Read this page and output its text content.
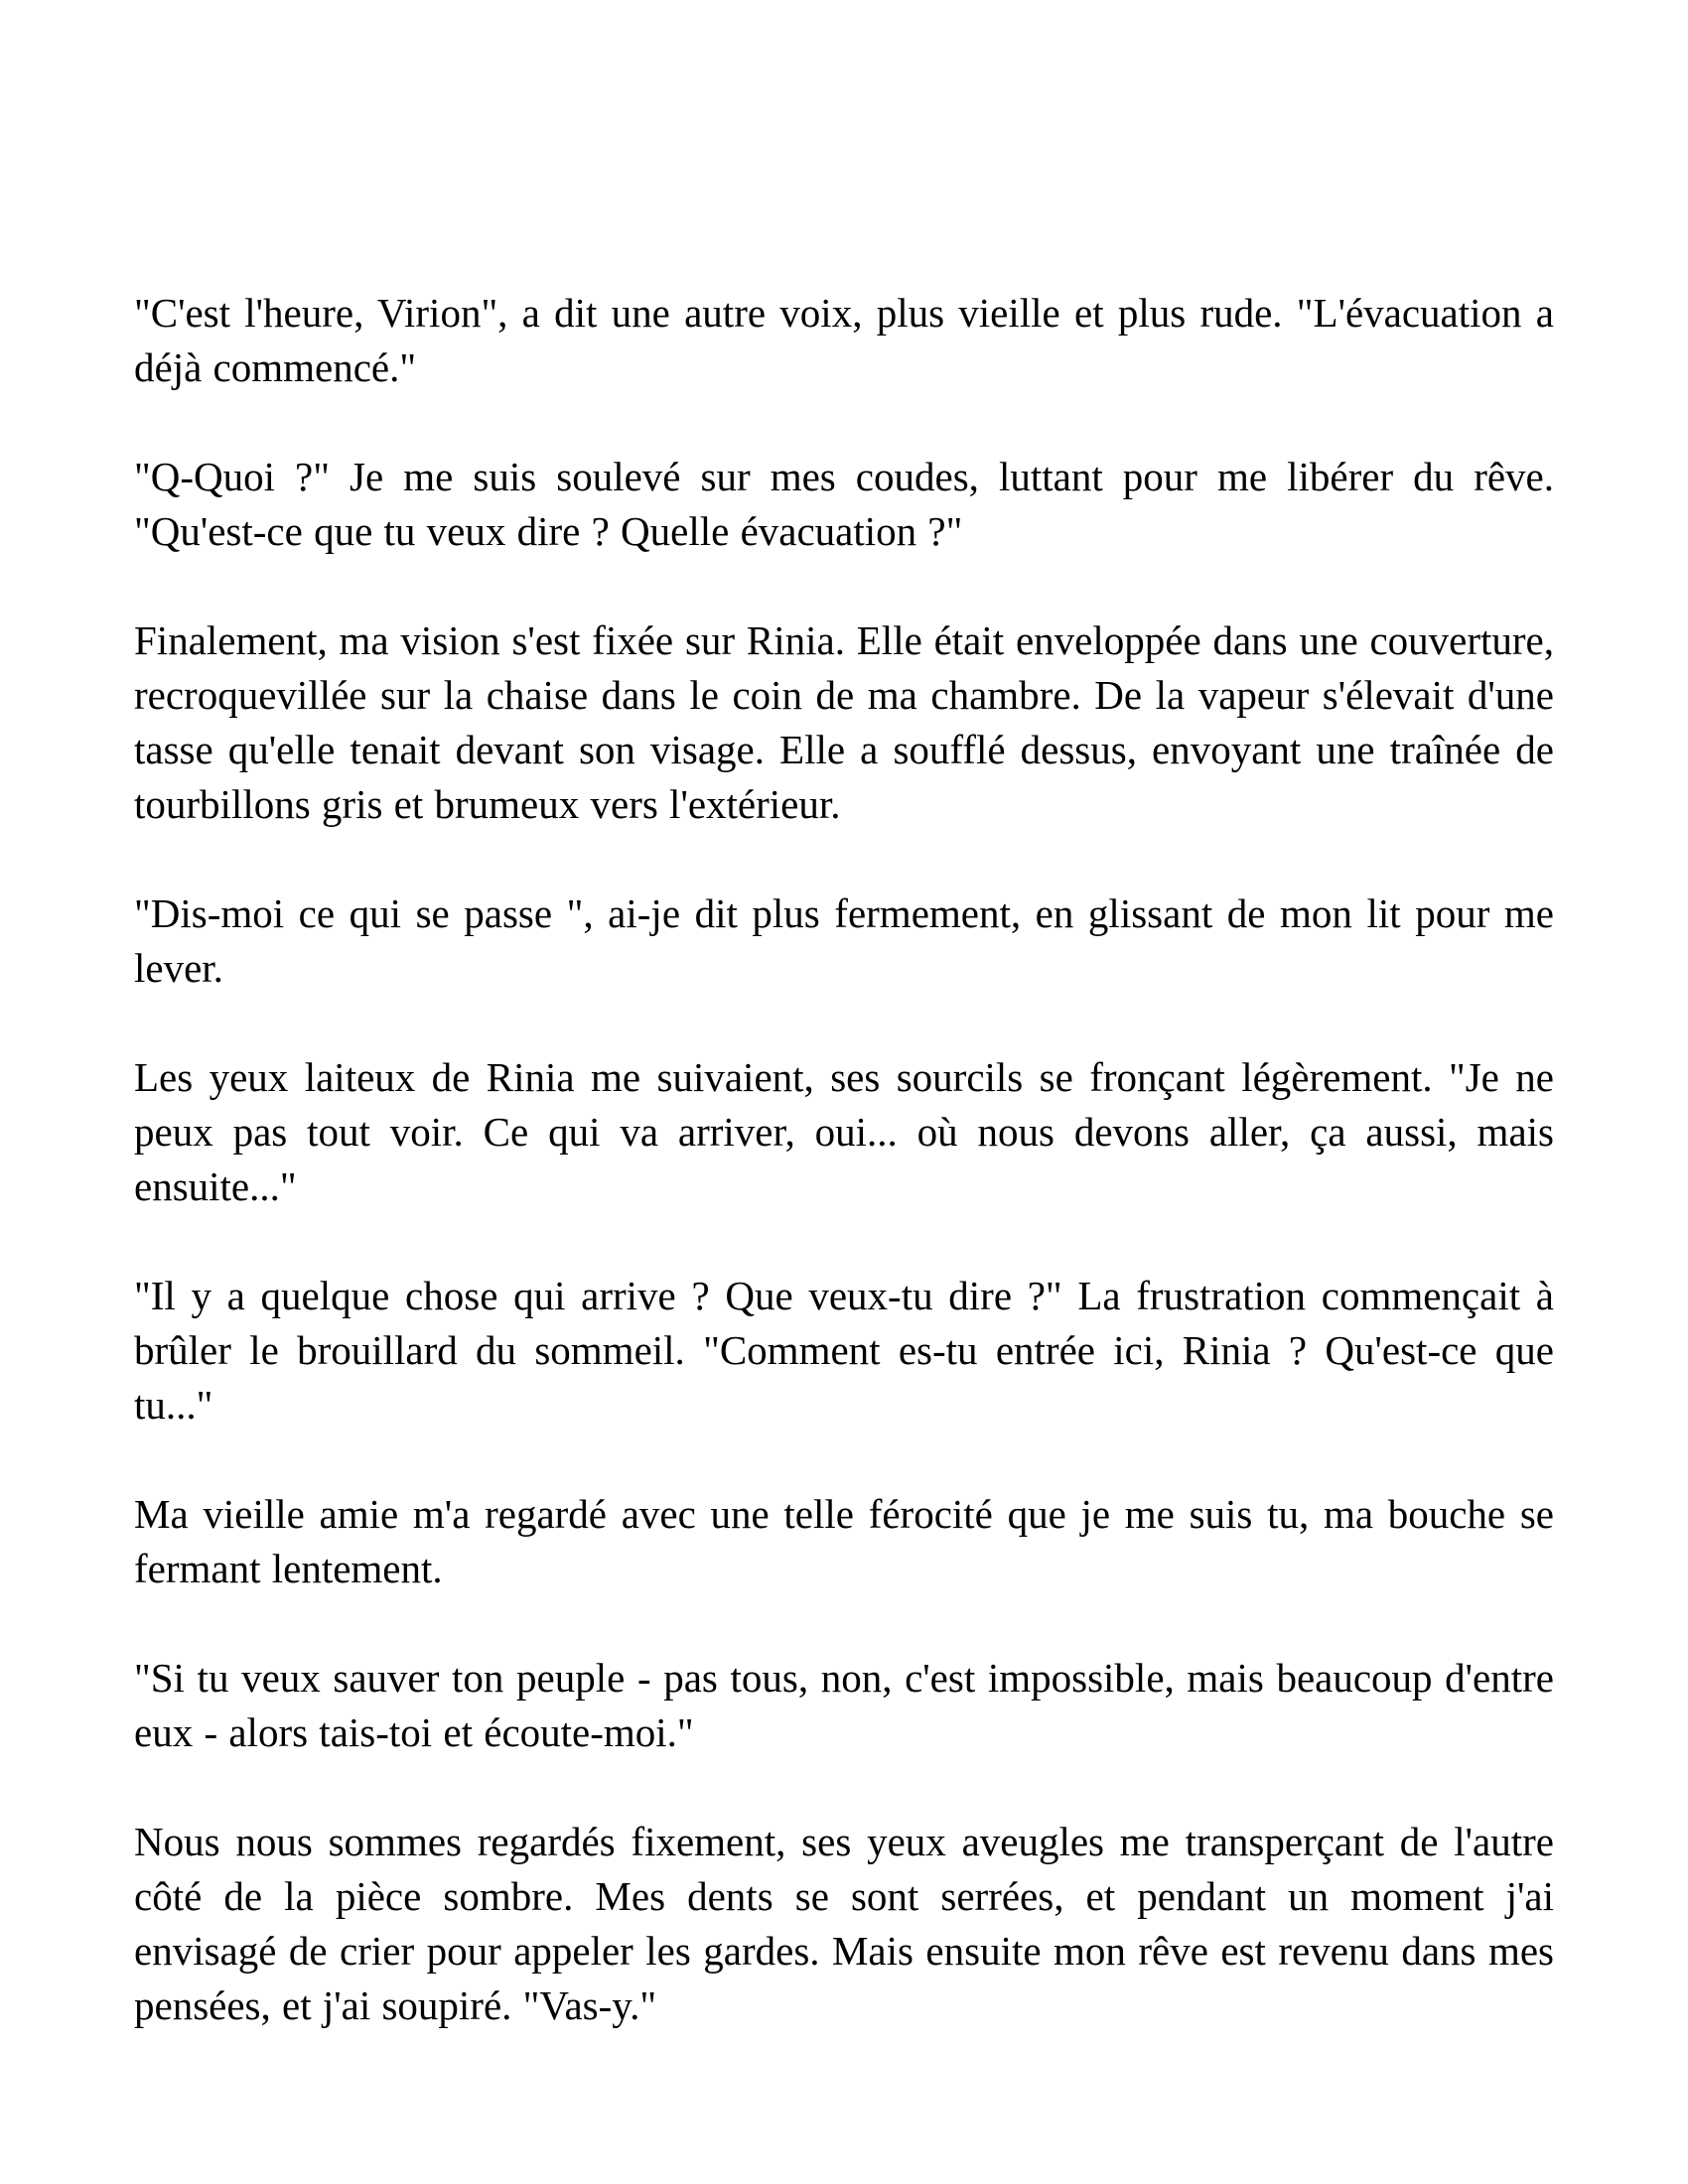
"C'est l'heure, Virion", a dit une autre voix, plus vieille et plus rude. "L'évacuation a déjà commencé."

"Q-Quoi ?" Je me suis soulevé sur mes coudes, luttant pour me libérer du rêve. "Qu'est-ce que tu veux dire ? Quelle évacuation ?"

Finalement, ma vision s'est fixée sur Rinia. Elle était enveloppée dans une couverture, recroquevillée sur la chaise dans le coin de ma chambre. De la vapeur s'élevait d'une tasse qu'elle tenait devant son visage. Elle a soufflé dessus, envoyant une traînée de tourbillons gris et brumeux vers l'extérieur.

"Dis-moi ce qui se passe ", ai-je dit plus fermement, en glissant de mon lit pour me lever.

Les yeux laiteux de Rinia me suivaient, ses sourcils se fronçant légèrement. "Je ne peux pas tout voir. Ce qui va arriver, oui... où nous devons aller, ça aussi, mais ensuite..."

"Il y a quelque chose qui arrive ? Que veux-tu dire ?" La frustration commençait à brûler le brouillard du sommeil. "Comment es-tu entrée ici, Rinia ? Qu'est-ce que tu..."

Ma vieille amie m'a regardé avec une telle férocité que je me suis tu, ma bouche se fermant lentement.

"Si tu veux sauver ton peuple - pas tous, non, c'est impossible, mais beaucoup d'entre eux - alors tais-toi et écoute-moi."

Nous nous sommes regardés fixement, ses yeux aveugles me transperçant de l'autre côté de la pièce sombre. Mes dents se sont serrées, et pendant un moment j'ai envisagé de crier pour appeler les gardes. Mais ensuite mon rêve est revenu dans mes pensées, et j'ai soupiré. "Vas-y."
